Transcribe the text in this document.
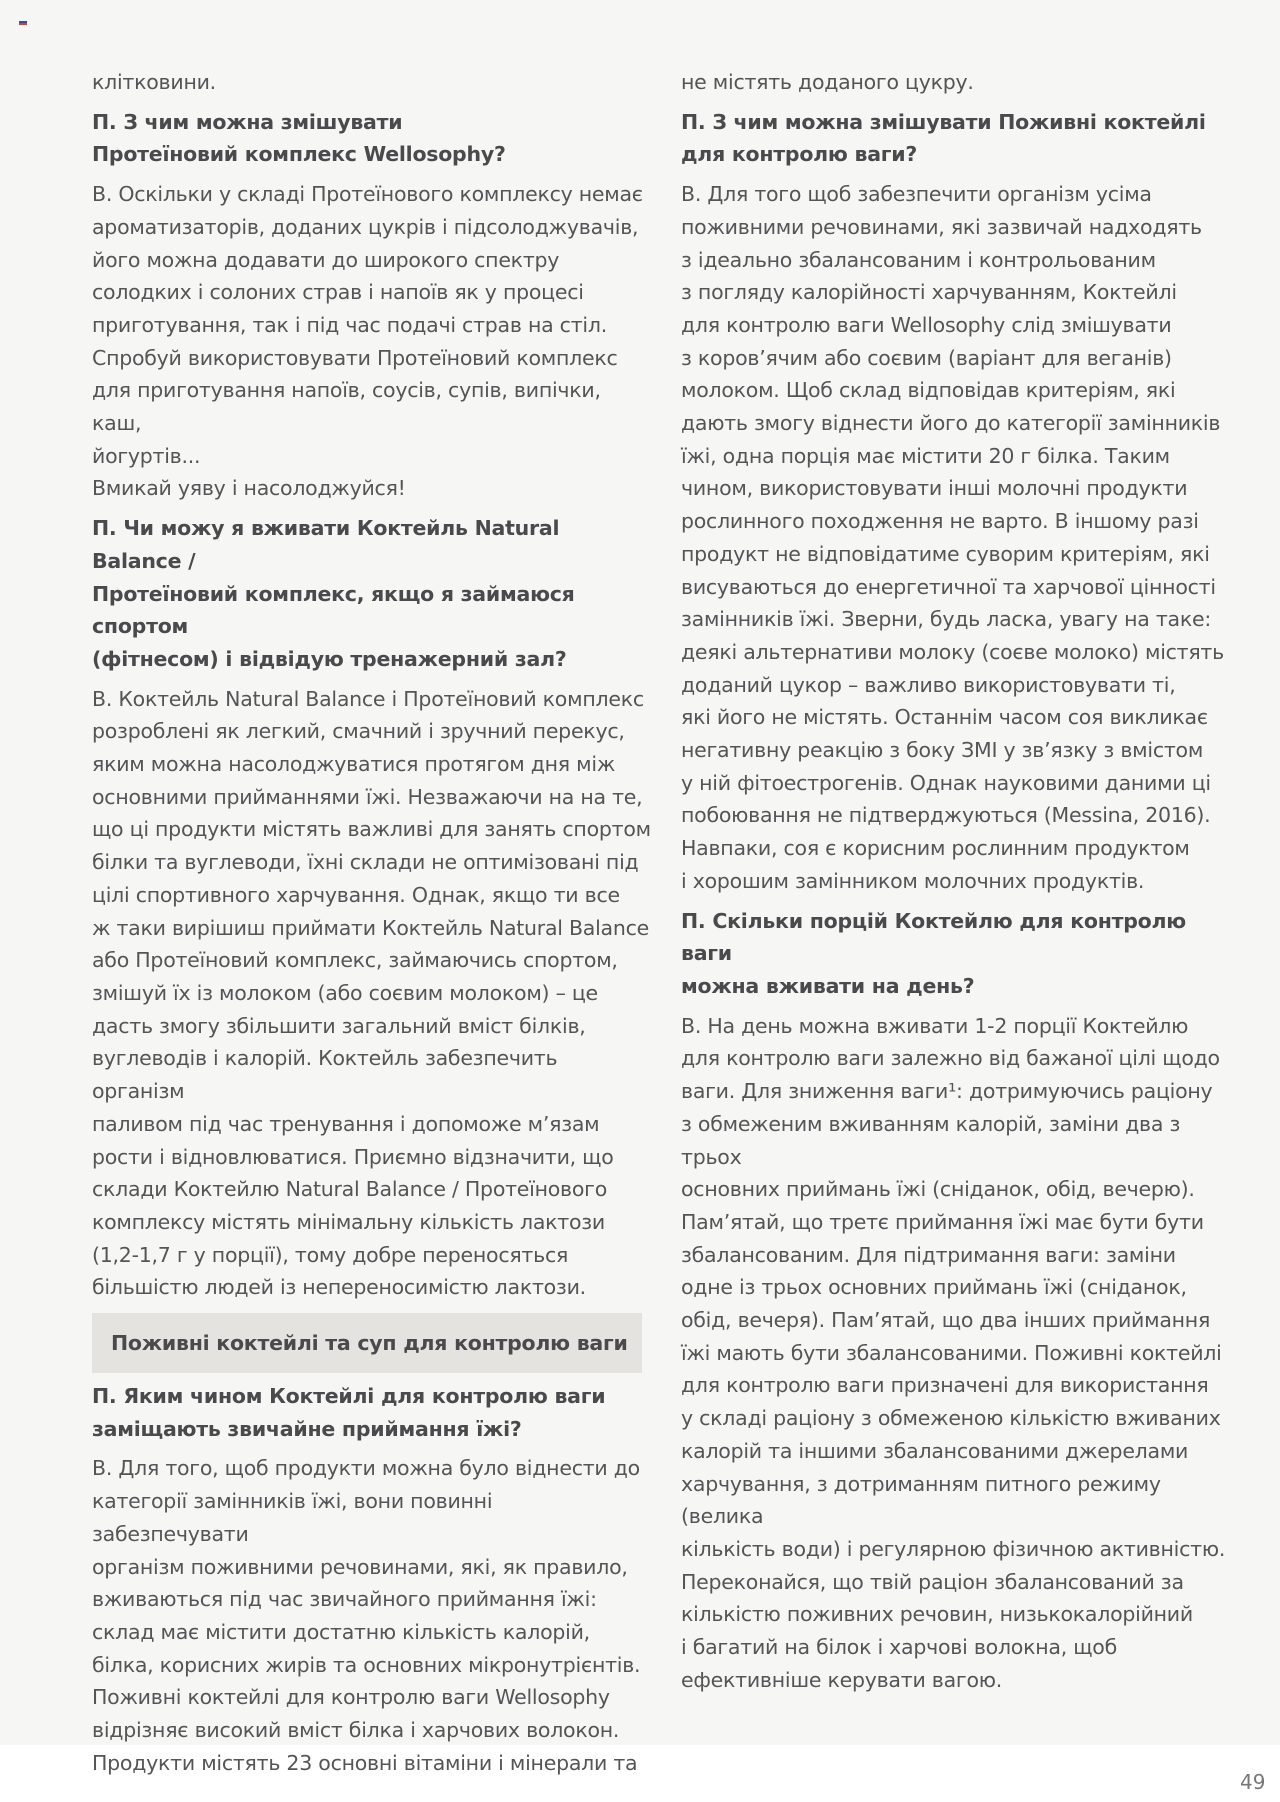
клітковини.

П. З чим можна змішувати
Протеїновий комплекс Wellosophy?

В. Оскільки у складі Протеїнового комплексу немає
ароматизаторів, доданих цукрів і підсолоджувачів,
його можна додавати до широкого спектру
солодких і солоних страв і напоїв як у процесі
приготування, так і під час подачі страв на стіл.
Спробуй використовувати Протеїновий комплекс
для приготування напоїв, соусів, супів, випічки, каш,
йогуртів...
Вмикай уяву і насолоджуйся!

П. Чи можу я вживати Коктейль Natural Balance /
Протеїновий комплекс, якщо я займаюся спортом
(фітнесом) і відвідую тренажерний зал?

В. Коктейль Natural Balance і Протеїновий комплекс
розроблені як легкий, смачний і зручний перекус,
яким можна насолоджуватися протягом дня між
основними прийманнями їжі. Незважаючи на на те,
що ці продукти містять важливі для занять спортом
білки та вуглеводи, їхні склади не оптимізовані під
цілі спортивного харчування. Однак, якщо ти все
ж таки вирішиш приймати Коктейль Natural Balance
або Протеїновий комплекс, займаючись спортом,
змішуй їх із молоком (або соєвим молоком) – це
дасть змогу збільшити загальний вміст білків,
вуглеводів і калорій. Коктейль забезпечить організм
паливом під час тренування і допоможе м’язам
рости і відновлюватися. Приємно відзначити, що
склади Коктейлю Natural Balance / Протеїнового
комплексу містять мінімальну кількість лактози
(1,2-1,7 г у порції), тому добре переносяться
більшістю людей із непереносимістю лактози.

Поживні коктейлі та суп для контролю ваги

П. Яким чином Коктейлі для контролю ваги
заміщають звичайне приймання їжі?

В. Для того, щоб продукти можна було віднести до
категорії замінників їжі, вони повинні забезпечувати
організм поживними речовинами, які, як правило,
вживаються під час звичайного приймання їжі:
склад має містити достатню кількість калорій,
білка, корисних жирів та основних мікронутрієнтів.
Поживні коктейлі для контролю ваги Wellosophy
відрізняє високий вміст білка і харчових волокон.
Продукти містять 23 основні вітаміни і мінерали та

не містять доданого цукру.

П. З чим можна змішувати Поживні коктейлі
для контролю ваги?

В. Для того щоб забезпечити організм усіма
поживними речовинами, які зазвичай надходять
з ідеально збалансованим і контрольованим
з погляду калорійності харчуванням, Коктейлі
для контролю ваги Wellosophy слід змішувати
з коров’ячим або соєвим (варіант для веганів)
молоком. Щоб склад відповідав критеріям, які
дають змогу віднести його до категорії замінників
їжі, одна порція має містити 20 г білка. Таким
чином, використовувати інші молочні продукти
рослинного походження не варто. В іншому разі
продукт не відповідатиме суворим критеріям, які
висуваються до енергетичної та харчової цінності
замінників їжі. Зверни, будь ласка, увагу на таке:
деякі альтернативи молоку (соєве молоко) містять
доданий цукор – важливо використовувати ті,
які його не містять. Останнім часом соя викликає
негативну реакцію з боку ЗМІ у зв’язку з вмістом
у ній фітоестрогенів. Однак науковими даними ці
побоювання не підтверджуються (Messina, 2016).
Навпаки, соя є корисним рослинним продуктом
і хорошим замінником молочних продуктів.

П. Скільки порцій Коктейлю для контролю ваги
можна вживати на день?

В. На день можна вживати 1-2 порції Коктейлю
для контролю ваги залежно від бажаної цілі щодо
ваги. Для зниження ваги¹: дотримуючись раціону
з обмеженим вживанням калорій, заміни два з трьох
основних приймань їжі (сніданок, обід, вечерю).
Пам’ятай, що третє приймання їжі має бути бути
збалансованим. Для підтримання ваги: заміни
одне із трьох основних приймань їжі (сніданок,
обід, вечеря). Пам’ятай, що два інших приймання
їжі мають бути збалансованими. Поживні коктейлі
для контролю ваги призначені для використання
у складі раціону з обмеженою кількістю вживаних
калорій та іншими збалансованими джерелами
харчування, з дотриманням питного режиму (велика
кількість води) і регулярною фізичною активністю.
Переконайся, що твій раціон збалансований за
кількістю поживних речовин, низькокалорійний
і багатий на білок і харчові волокна, щоб
ефективніше керувати вагою.

49
